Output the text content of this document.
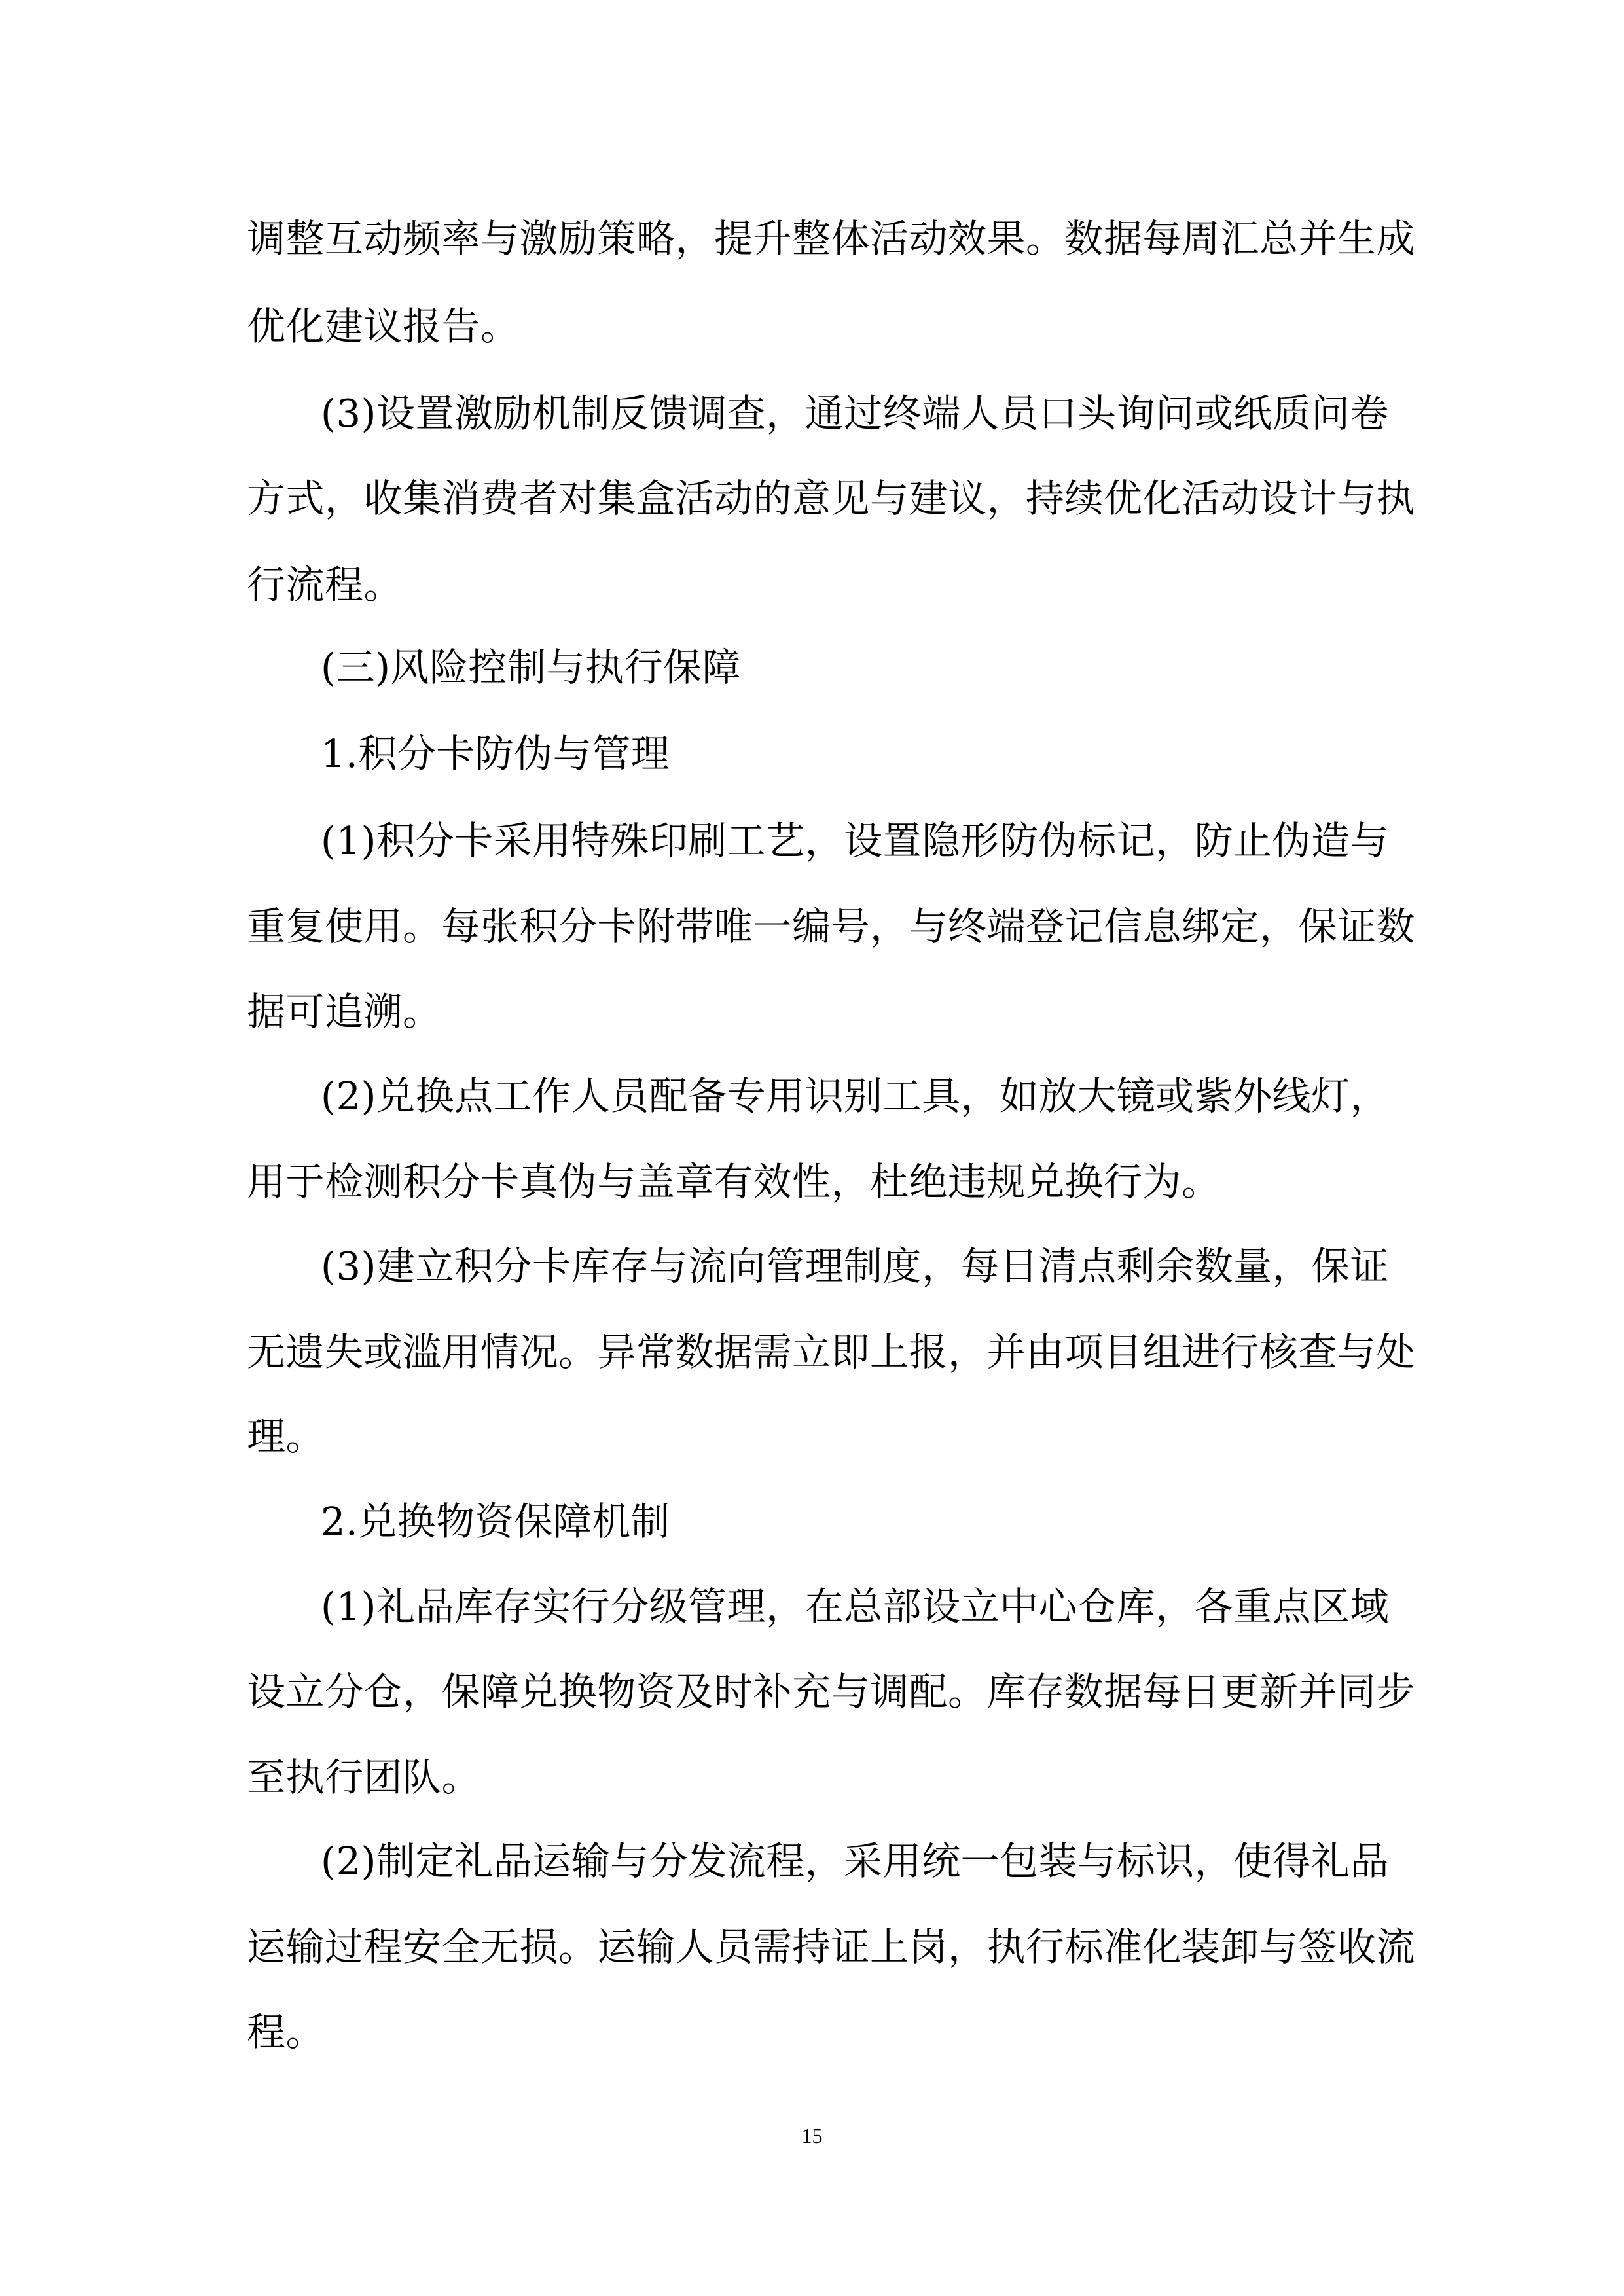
调整互动频率与激励策略，提升整体活动效果。数据每周汇总并生成
优化建议报告。
(3)设置激励机制反馈调查，通过终端人员口头询问或纸质问卷
方式，收集消费者对集盒活动的意见与建议，持续优化活动设计与执
行流程。
(三)风险控制与执行保障
1.积分卡防伪与管理
(1)积分卡采用特殊印刷工艺，设置隐形防伪标记，防止伪造与
重复使用。每张积分卡附带唯一编号，与终端登记信息绑定，保证数
据可追溯。
(2)兑换点工作人员配备专用识别工具，如放大镜或紫外线灯，
用于检测积分卡真伪与盖章有效性，杜绝违规兑换行为。
(3)建立积分卡库存与流向管理制度，每日清点剩余数量，保证
无遗失或滥用情况。异常数据需立即上报，并由项目组进行核查与处
理。
2.兑换物资保障机制
(1)礼品库存实行分级管理，在总部设立中心仓库，各重点区域
设立分仓，保障兑换物资及时补充与调配。库存数据每日更新并同步
至执行团队。
(2)制定礼品运输与分发流程，采用统一包装与标识，使得礼品
运输过程安全无损。运输人员需持证上岗，执行标准化装卸与签收流
程。
15
